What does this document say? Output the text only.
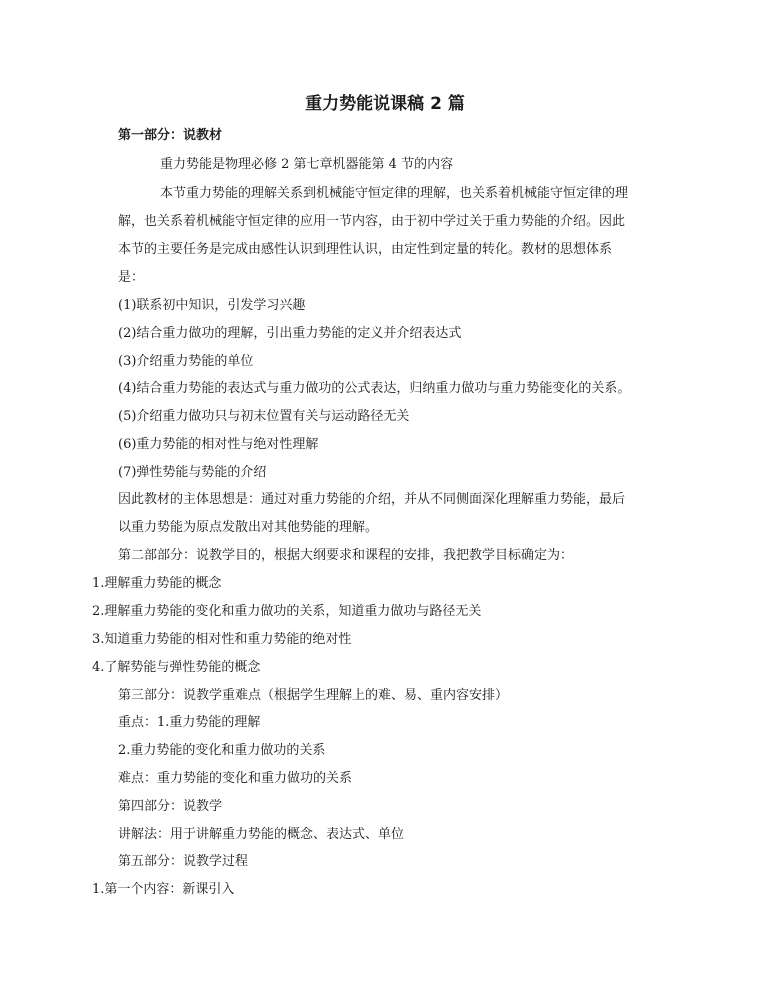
重力势能说课稿 2 篇
第一部分：说教材
重力势能是物理必修 2 第七章机器能第 4 节的内容
本节重力势能的理解关系到机械能守恒定律的理解，也关系着机械能守恒定律的理
解，也关系着机械能守恒定律的应用一节内容，由于初中学过关于重力势能的介绍。因此
本节的主要任务是完成由感性认识到理性认识，由定性到定量的转化。教材的思想体系
是：
(1)联系初中知识，引发学习兴趣
(2)结合重力做功的理解，引出重力势能的定义并介绍表达式
(3)介绍重力势能的单位
(4)结合重力势能的表达式与重力做功的公式表达，归纳重力做功与重力势能变化的关系。
(5)介绍重力做功只与初末位置有关与运动路径无关
(6)重力势能的相对性与绝对性理解
(7)弹性势能与势能的介绍
因此教材的主体思想是：通过对重力势能的介绍，并从不同侧面深化理解重力势能，最后
以重力势能为原点发散出对其他势能的理解。
第二部部分：说教学目的，根据大纲要求和课程的安排，我把教学目标确定为：
1.理解重力势能的概念
2.理解重力势能的变化和重力做功的关系，知道重力做功与路径无关
3.知道重力势能的相对性和重力势能的绝对性
4.了解势能与弹性势能的概念
第三部分：说教学重难点（根据学生理解上的难、易、重内容安排）
重点：1.重力势能的理解
2.重力势能的变化和重力做功的关系
难点：重力势能的变化和重力做功的关系
第四部分：说教学
讲解法：用于讲解重力势能的概念、表达式、单位
第五部分：说教学过程
1.第一个内容：新课引入
